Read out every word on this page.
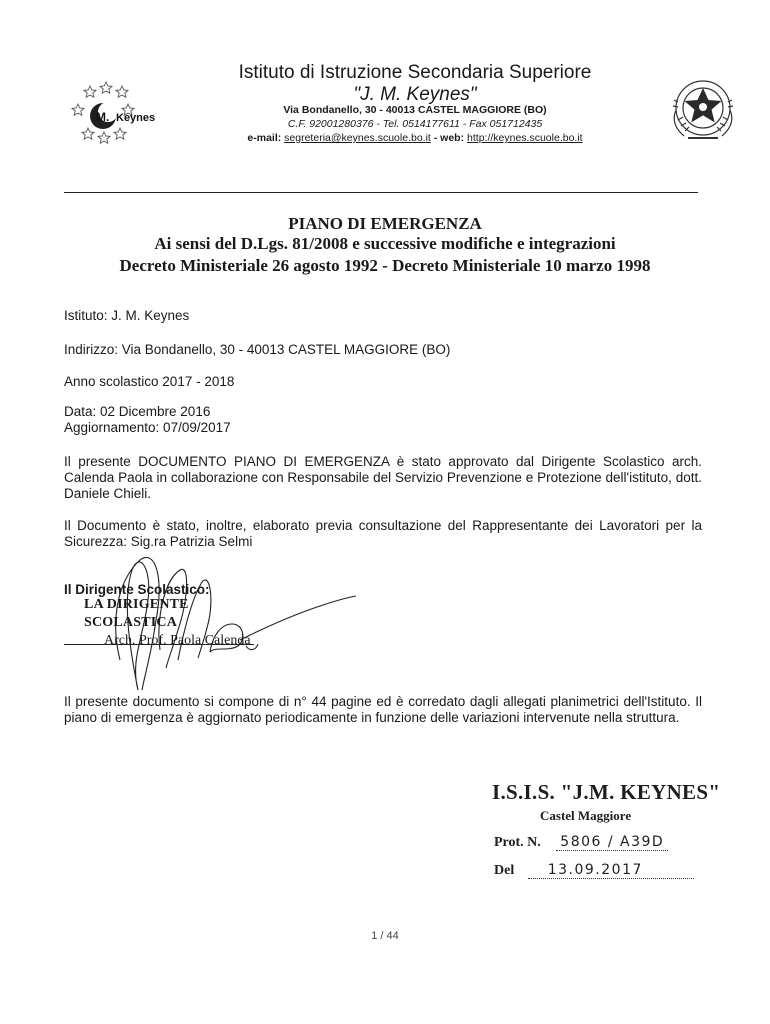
M. Keynes
Istituto di Istruzione Secondaria Superiore
"J. M. Keynes"
Via Bondanello, 30 - 40013 CASTEL MAGGIORE (BO)
C.F. 92001280376 - Tel. 0514177611 - Fax 051712435
e-mail: segreteria@keynes.scuole.bo.it - web: http://keynes.scuole.bo.it
PIANO DI EMERGENZA
Ai sensi del D.Lgs. 81/2008 e successive modifiche e integrazioni
Decreto Ministeriale 26 agosto 1992 - Decreto Ministeriale 10 marzo 1998
Istituto: J. M. Keynes
Indirizzo: Via Bondanello, 30 - 40013 CASTEL MAGGIORE (BO)
Anno scolastico 2017 - 2018
Data: 02 Dicembre 2016
Aggiornamento: 07/09/2017
Il presente DOCUMENTO PIANO DI EMERGENZA è stato approvato dal Dirigente Scolastico arch. Calenda Paola in collaborazione con Responsabile del Servizio Prevenzione e Protezione dell'istituto, dott. Daniele Chieli.
Il Documento è stato, inoltre, elaborato previa consultazione del Rappresentante dei Lavoratori per la Sicurezza: Sig.ra Patrizia Selmi
Il Dirigente Scolastico:
LA DIRIGENTE SCOLASTICA
Arch. Prof. Paola Calenda
Il presente documento si compone di n° 44 pagine ed è corredato dagli allegati planimetrici dell'Istituto. Il piano di emergenza è aggiornato periodicamente in funzione delle variazioni intervenute nella struttura.
I.S.I.S. "J.M. KEYNES"
Castel Maggiore
Prot. N. 5806 / A39D
Del 13.09.2017
1 / 44
